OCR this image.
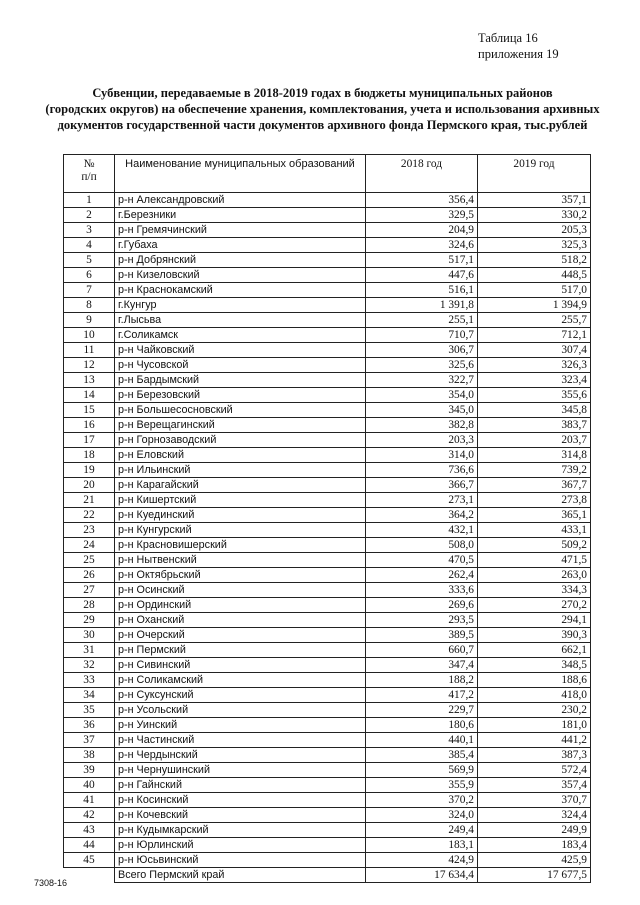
Таблица 16
приложения 19
Субвенции, передаваемые в 2018-2019 годах в бюджеты муниципальных районов
(городских округов) на обеспечение хранения, комплектования, учета и использования архивных
документов государственной части документов архивного фонда Пермского края, тыс.рублей
№
п/п	Наименование муниципальных образований	2018 год	2019 год
1	р-н Александровский	356,4	357,1
2	г.Березники	329,5	330,2
3	р-н Гремячинский	204,9	205,3
4	г.Губаха	324,6	325,3
5	р-н Добрянский	517,1	518,2
6	р-н Кизеловский	447,6	448,5
7	р-н Краснокамский	516,1	517,0
8	г.Кунгур	1 391,8	1 394,9
9	г.Лысьва	255,1	255,7
10	г.Соликамск	710,7	712,1
11	р-н Чайковский	306,7	307,4
12	р-н Чусовской	325,6	326,3
13	р-н Бардымский	322,7	323,4
14	р-н Березовский	354,0	355,6
15	р-н Большесосновский	345,0	345,8
16	р-н Верещагинский	382,8	383,7
17	р-н Горнозаводский	203,3	203,7
18	р-н Еловский	314,0	314,8
19	р-н Ильинский	736,6	739,2
20	р-н Карагайский	366,7	367,7
21	р-н Кишертский	273,1	273,8
22	р-н Куединский	364,2	365,1
23	р-н Кунгурский	432,1	433,1
24	р-н Красновишерский	508,0	509,2
25	р-н Нытвенский	470,5	471,5
26	р-н Октябрьский	262,4	263,0
27	р-н Осинский	333,6	334,3
28	р-н Ординский	269,6	270,2
29	р-н Оханский	293,5	294,1
30	р-н Очерский	389,5	390,3
31	р-н Пермский	660,7	662,1
32	р-н Сивинский	347,4	348,5
33	р-н Соликамский	188,2	188,6
34	р-н Суксунский	417,2	418,0
35	р-н Усольский	229,7	230,2
36	р-н Уинский	180,6	181,0
37	р-н Частинский	440,1	441,2
38	р-н Чердынский	385,4	387,3
39	р-н Чернушинский	569,9	572,4
40	р-н Гайнский	355,9	357,4
41	р-н Косинский	370,2	370,7
42	р-н Кочевский	324,0	324,4
43	р-н Кудымкарский	249,4	249,9
44	р-н Юрлинский	183,1	183,4
45	р-н Юсьвинский	424,9	425,9
	Всего Пермский край	17 634,4	17 677,5
7308-16
